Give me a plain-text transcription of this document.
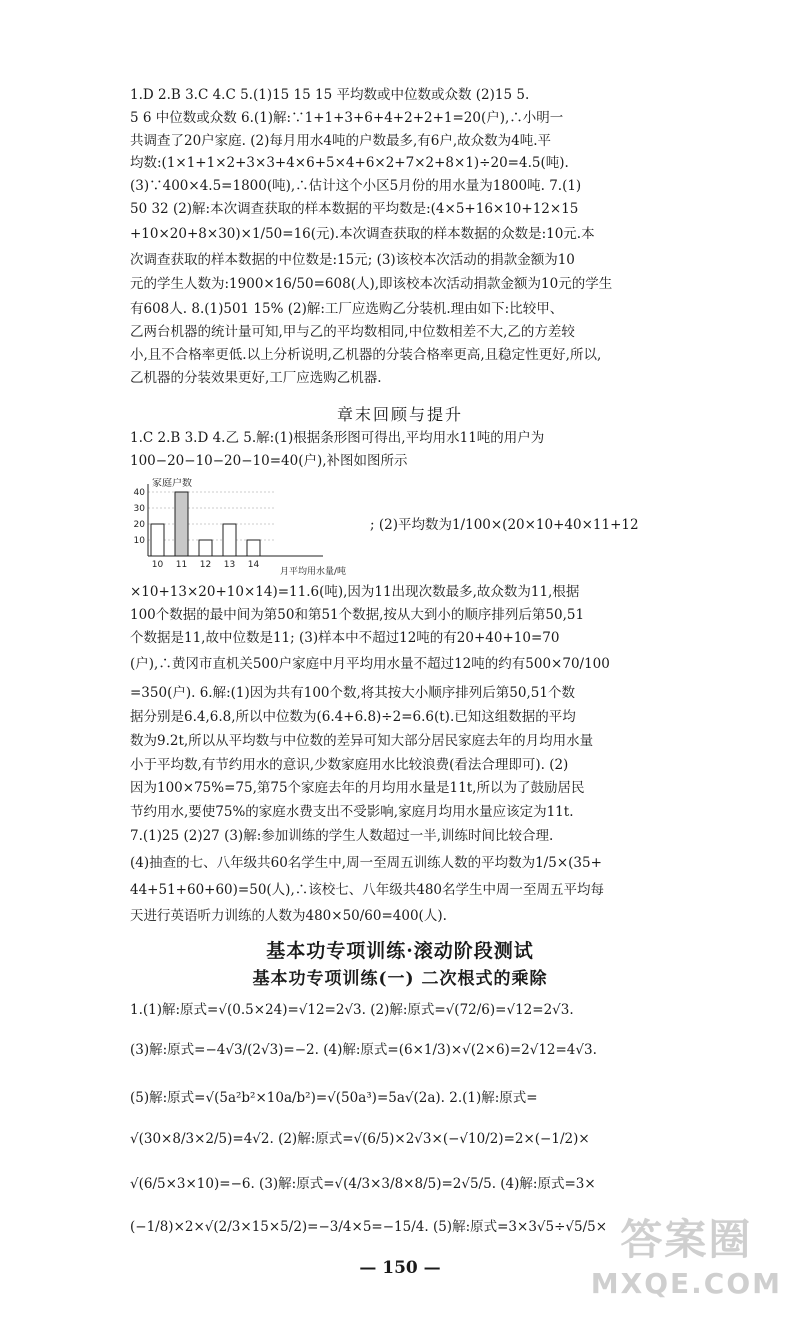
1.D 2.B 3.C 4.C 5.(1)15 15 15 平均数或中位数或众数 (2)15 5.
5 6 中位数或众数 6.(1)解:∵1+1+3+6+4+2+2+1=20(户),∴小明一
共调查了20户家庭. (2)每月用水4吨的户数最多,有6户,故众数为4吨.平
均数:(1×1+1×2+3×3+4×6+5×4+6×2+7×2+8×1)÷20=4.5(吨).
(3)∵400×4.5=1800(吨),∴估计这个小区5月份的用水量为1800吨. 7.(1)
50 32 (2)解:本次调查获取的样本数据的平均数是:(4×5+16×10+12×15
+10×20+8×30)×1/50=16(元).本次调查获取的样本数据的众数是:10元.本
次调查获取的样本数据的中位数是:15元; (3)该校本次活动的捐款金额为10
元的学生人数为:1900×16/50=608(人),即该校本次活动捐款金额为10元的学生
有608人. 8.(1)501 15% (2)解:工厂应选购乙分装机.理由如下:比较甲、
乙两台机器的统计量可知,甲与乙的平均数相同,中位数相差不大,乙的方差较
小,且不合格率更低.以上分析说明,乙机器的分装合格率更高,且稳定性更好,所以,
乙机器的分装效果更好,工厂应选购乙机器.
章末回顾与提升
1.C 2.B 3.D 4.乙 5.解:(1)根据条形图可得出,平均用水11吨的用户为
100−20−10−20−10=40(户),补图如图所示
家庭户数
月平均用水量/吨
10
20
30
40
10 11 12 13 14
; (2)平均数为1/100×(20×10+40×11+12
×10+13×20+10×14)=11.6(吨),因为11出现次数最多,故众数为11,根据
100个数据的最中间为第50和第51个数据,按从大到小的顺序排列后第50,51
个数据是11,故中位数是11; (3)样本中不超过12吨的有20+40+10=70
(户),∴黄冈市直机关500户家庭中月平均用水量不超过12吨的约有500×70/100
=350(户). 6.解:(1)因为共有100个数,将其按大小顺序排列后第50,51个数
据分别是6.4,6.8,所以中位数为(6.4+6.8)÷2=6.6(t).已知这组数据的平均
数为9.2t,所以从平均数与中位数的差异可知大部分居民家庭去年的月均用水量
小于平均数,有节约用水的意识,少数家庭用水比较浪费(看法合理即可). (2)
因为100×75%=75,第75个家庭去年的月均用水量是11t,所以为了鼓励居民
节约用水,要使75%的家庭水费支出不受影响,家庭月均用水量应该定为11t.
7.(1)25 (2)27 (3)解:参加训练的学生人数超过一半,训练时间比较合理.
(4)抽查的七、八年级共60名学生中,周一至周五训练人数的平均数为1/5×(35+
44+51+60+60)=50(人),∴该校七、八年级共480名学生中周一至周五平均每
天进行英语听力训练的人数为480×50/60=400(人).
基本功专项训练·滚动阶段测试
基本功专项训练(一) 二次根式的乘除
1.(1)解:原式=√(0.5×24)=√12=2√3. (2)解:原式=√(72/6)=√12=2√3.
(3)解:原式=−4√3/(2√3)=−2. (4)解:原式=(6×1/3)×√(2×6)=2√12=4√3.
(5)解:原式=√(5a²b²×10a/b²)=√(50a³)=5a√(2a). 2.(1)解:原式=
√(30×8/3×2/5)=4√2. (2)解:原式=√(6/5)×2√3×(−√10/2)=2×(−1/2)×
√(6/5×3×10)=−6. (3)解:原式=√(4/3×3/8×8/5)=2√5/5. (4)解:原式=3×
(−1/8)×2×√(2/3×15×5/2)=−3/4×5=−15/4. (5)解:原式=3×3√5÷√5/5×
— 150 —
答案圈
MXQE.COM
